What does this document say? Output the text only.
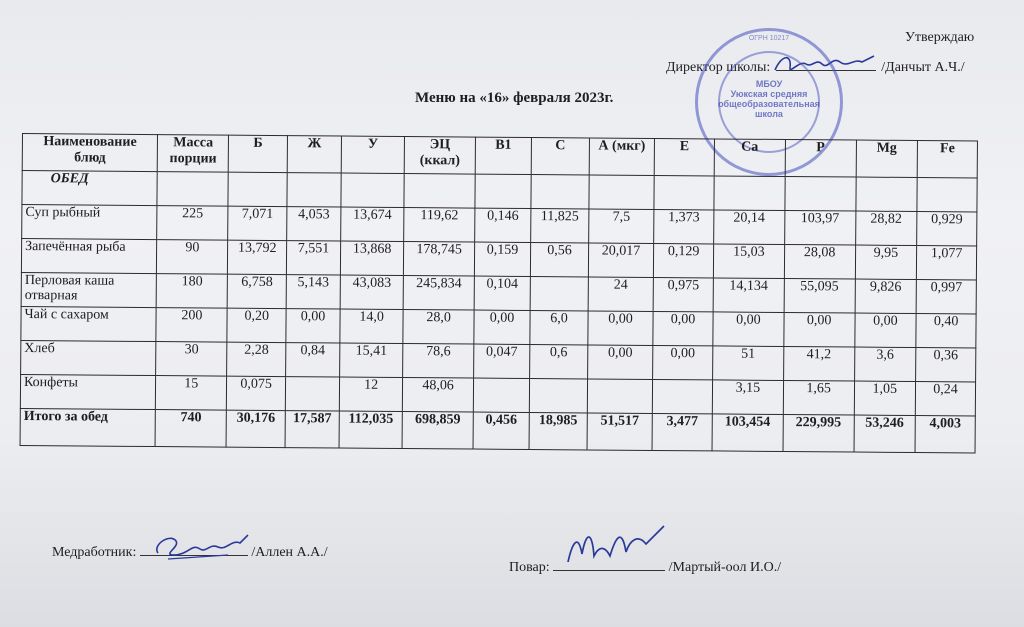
Утверждаю
Директор школы:	/Данчыт А.Ч./
ОГРН 10217
МБОУ
Уюкская средняя
общеобразовательная
школа
Меню на «16» февраля 2023г.
Наименование блюд	Масса порции	Б	Ж	У	ЭЦ (ккал)	В1	С	А (мкг)	Е	Са	Р	Mg	Fe
ОБЕД													
Суп рыбный	225	7,071	4,053	13,674	119,62	0,146	11,825	7,5	1,373	20,14	103,97	28,82	0,929
Запечённая рыба	90	13,792	7,551	13,868	178,745	0,159	0,56	20,017	0,129	15,03	28,08	9,95	1,077
Перловая каша отварная	180	6,758	5,143	43,083	245,834	0,104		24	0,975	14,134	55,095	9,826	0,997
Чай с сахаром	200	0,20	0,00	14,0	28,0	0,00	6,0	0,00	0,00	0,00	0,00	0,00	0,40
Хлеб	30	2,28	0,84	15,41	78,6	0,047	0,6	0,00	0,00	51	41,2	3,6	0,36
Конфеты	15	0,075		12	48,06					3,15	1,65	1,05	0,24
Итого за обед	740	30,176	17,587	112,035	698,859	0,456	18,985	51,517	3,477	103,454	229,995	53,246	4,003
Медработник:	/Аллен А.А./
Повар:	/Мартый-оол И.О./
